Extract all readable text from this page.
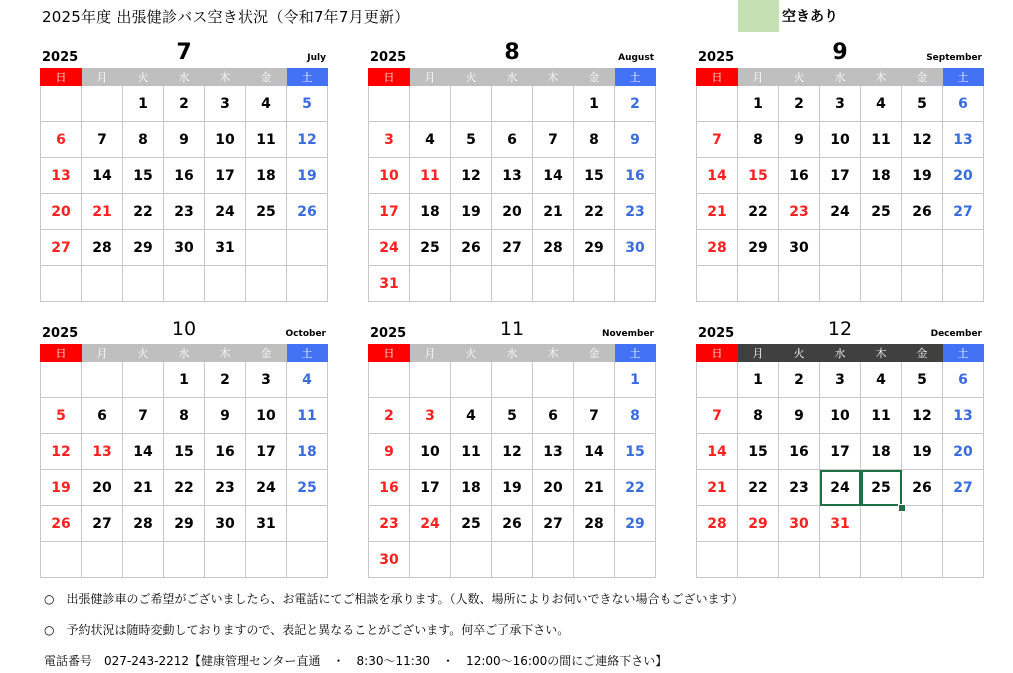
2025年度 出張健診バス空き状況（令和7年7月更新）	空きあり
2025	7	July
日	月	火	水	木	金	土
		1	2	3	4	5
6	7	8	9	10	11	12
13	14	15	16	17	18	19
20	21	22	23	24	25	26
27	28	29	30	31		

2025	8	August
日	月	火	水	木	金	土
					1	2
3	4	5	6	7	8	9
10	11	12	13	14	15	16
17	18	19	20	21	22	23
24	25	26	27	28	29	30
31						
2025	9	September
日	月	火	水	木	金	土
	1	2	3	4	5	6
7	8	9	10	11	12	13
14	15	16	17	18	19	20
21	22	23	24	25	26	27
28	29	30				

2025	10	October
日	月	火	水	木	金	土
			1	2	3	4
5	6	7	8	9	10	11
12	13	14	15	16	17	18
19	20	21	22	23	24	25
26	27	28	29	30	31	

2025	11	November
日	月	火	水	木	金	土
						1
2	3	4	5	6	7	8
9	10	11	12	13	14	15
16	17	18	19	20	21	22
23	24	25	26	27	28	29
30						
2025	12	December
日	月	火	水	木	金	土
	1	2	3	4	5	6
7	8	9	10	11	12	13
14	15	16	17	18	19	20
21	22	23	24	25	26	27
28	29	30	31			

○　出張健診車のご希望がございましたら、お電話にてご相談を承ります。（人数、場所によりお伺いできない場合もございます）
○　予約状況は随時変動しておりますので、表記と異なることがございます。何卒ご了承下さい。
電話番号　027-243-2212【健康管理センター直通　・　8:30〜11:30　・　12:00〜16:00の間にご連絡下さい】
